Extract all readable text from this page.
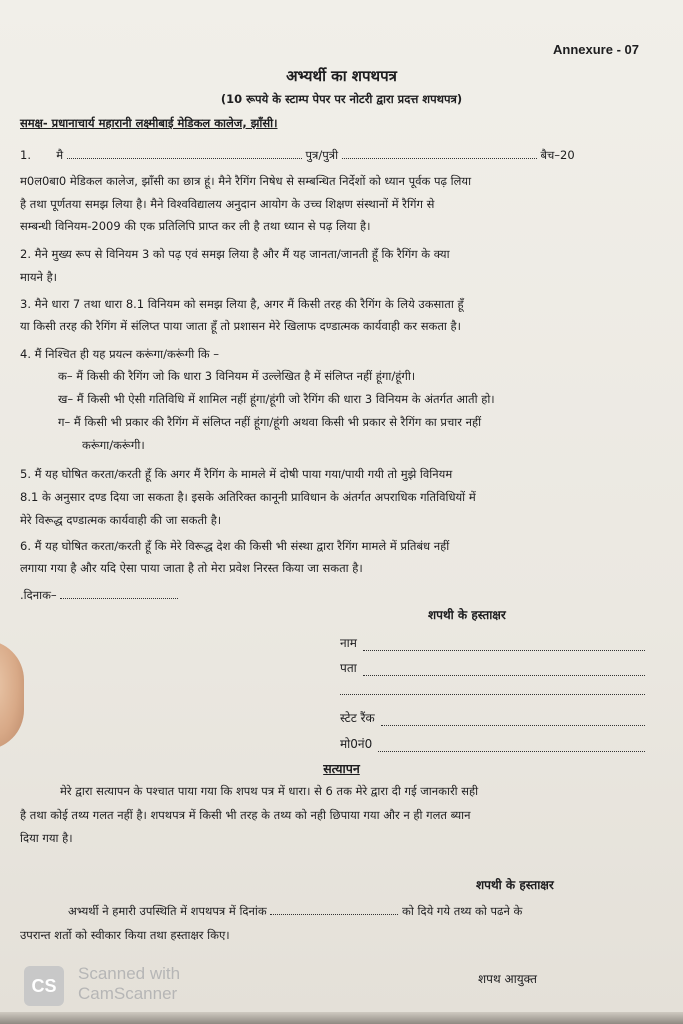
Annexure - 07
अभ्यर्थी का शपथपत्र
(10 रूपये के स्टाम्प पेपर पर नोटरी द्वारा प्रदत्त शपथपत्र)
समक्ष- प्रधानाचार्य महारानी लक्ष्मीबाई मेडिकल कालेज, झाँसी।
1. मै	पुत्र/पुत्री	बैच–20
म0ल0बा0 मेडिकल कालेज, झाँसी का छात्र हूं। मैने रैगिंग निषेध से सम्बन्धित निर्देशों को ध्यान पूर्वक पढ़ लिया
है तथा पूर्णतया समझ लिया है। मैने विश्वविद्यालय अनुदान आयोग के उच्च शिक्षण संस्थानों में रैगिंग से
सम्बन्धी विनियम-2009 की एक प्रतिलिपि प्राप्त कर ली है तथा ध्यान से पढ़ लिया है।
2. मैने मुख्य रूप से विनियम 3 को पढ़ एवं समझ लिया है और मैं यह जानता/जानती हूँ कि रैगिंग के क्या
मायने है।
3. मैने धारा 7 तथा धारा 8.1 विनियम को समझ लिया है, अगर मैं किसी तरह की रैगिंग के लिये उकसाता हूँ
या किसी तरह की रैगिंग में संलिप्त पाया जाता हूँ तो प्रशासन मेरे खिलाफ दण्डात्मक कार्यवाही कर सकता है।
4. मैं निश्चित ही यह प्रयत्न करूंगा/करूंगी कि –
क– मैं किसी की रैगिंग जो कि धारा 3 विनियम में उल्लेखित है में संलिप्त नहीं हूंगा/हूंगी।
ख– मैं किसी भी ऐसी गतिविधि में शामिल नहीं हूंगा/हूंगी जो रैगिंग की धारा 3 विनियम के अंतर्गत आती हो।
ग– मैं किसी भी प्रकार की रैगिंग में संलिप्त नहीं हूंगा/हूंगी अथवा किसी भी प्रकार से रैगिंग का प्रचार नहीं
करूंगा/करूंगी।
5. मैं यह घोषित करता/करती हूँ कि अगर मैं रैगिंग के मामले में दोषी पाया गया/पायी गयी तो मुझे विनियम
8.1 के अनुसार दण्ड दिया जा सकता है। इसके अतिरिक्त कानूनी प्राविधान के अंतर्गत अपराधिक गतिविधियों में
मेरे विरूद्ध दण्डात्मक कार्यवाही की जा सकती है।
6. मैं यह घोषित करता/करती हूँ कि मेरे विरूद्ध देश की किसी भी संस्था द्वारा रैगिंग मामले में प्रतिबंध नहीं
लगाया गया है और यदि ऐसा पाया जाता है तो मेरा प्रवेश निरस्त किया जा सकता है।
.दिनाक–
शपथी के हस्ताक्षर
नाम
पता
स्टेट रैंक
मो0नं0
सत्यापन
मेरे द्वारा सत्यापन के पश्चात पाया गया कि शपथ पत्र में धारा। से 6 तक मेरे द्वारा दी गई जानकारी सही
है तथा कोई तथ्य गलत नहीं है। शपथपत्र में किसी भी तरह के तथ्य को नही छिपाया गया और न ही गलत ब्यान
दिया गया है।
शपथी के हस्ताक्षर
अभ्यर्थी ने हमारी उपस्थिति में शपथपत्र में दिनांक	को दिये गये तथ्य को पढने के
उपरान्त शर्तो को स्वीकार किया तथा हस्ताक्षर किए।
शपथ आयुक्त
CS
Scanned with
CamScanner
